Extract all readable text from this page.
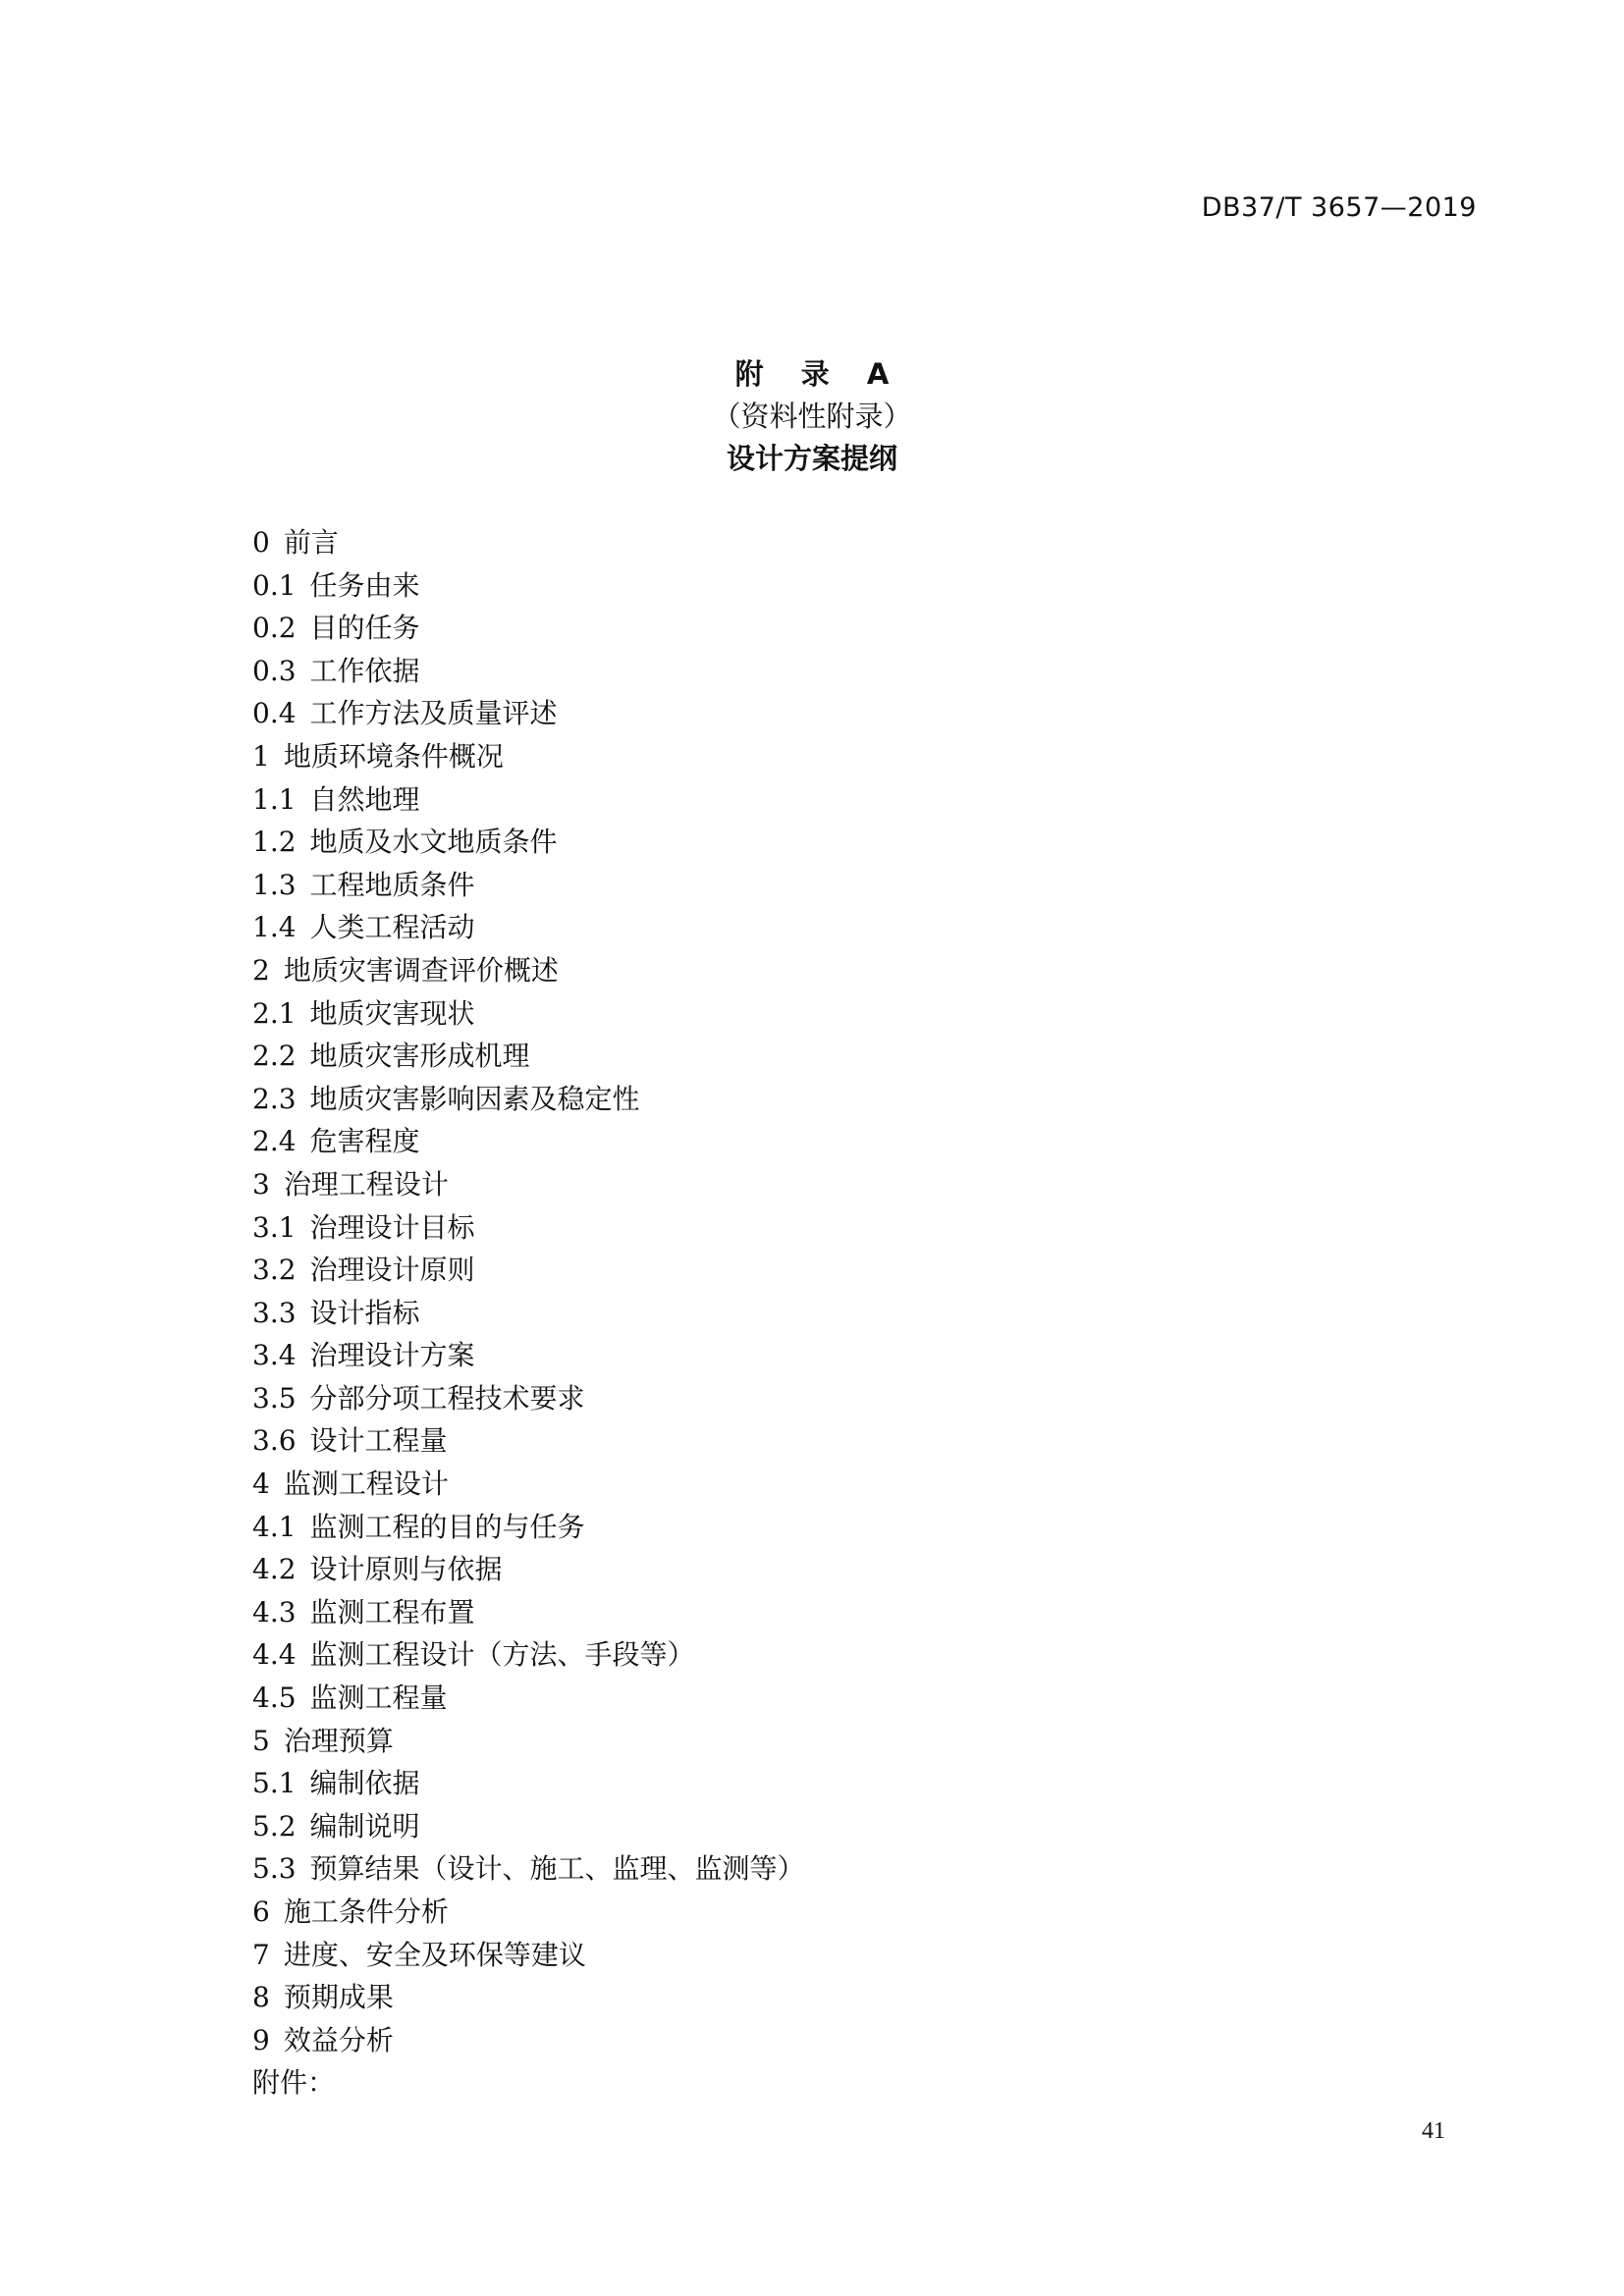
DB37/T 3657—2019
附 录 A
（资料性附录）
设计方案提纲
0 前言
0.1 任务由来
0.2 目的任务
0.3 工作依据
0.4 工作方法及质量评述
1 地质环境条件概况
1.1 自然地理
1.2 地质及水文地质条件
1.3 工程地质条件
1.4 人类工程活动
2 地质灾害调查评价概述
2.1 地质灾害现状
2.2 地质灾害形成机理
2.3 地质灾害影响因素及稳定性
2.4 危害程度
3 治理工程设计
3.1 治理设计目标
3.2 治理设计原则
3.3 设计指标
3.4 治理设计方案
3.5 分部分项工程技术要求
3.6 设计工程量
4 监测工程设计
4.1 监测工程的目的与任务
4.2 设计原则与依据
4.3 监测工程布置
4.4 监测工程设计（方法、手段等）
4.5 监测工程量
5 治理预算
5.1 编制依据
5.2 编制说明
5.3 预算结果（设计、施工、监理、监测等）
6 施工条件分析
7 进度、安全及环保等建议
8 预期成果
9 效益分析
附件：
41
